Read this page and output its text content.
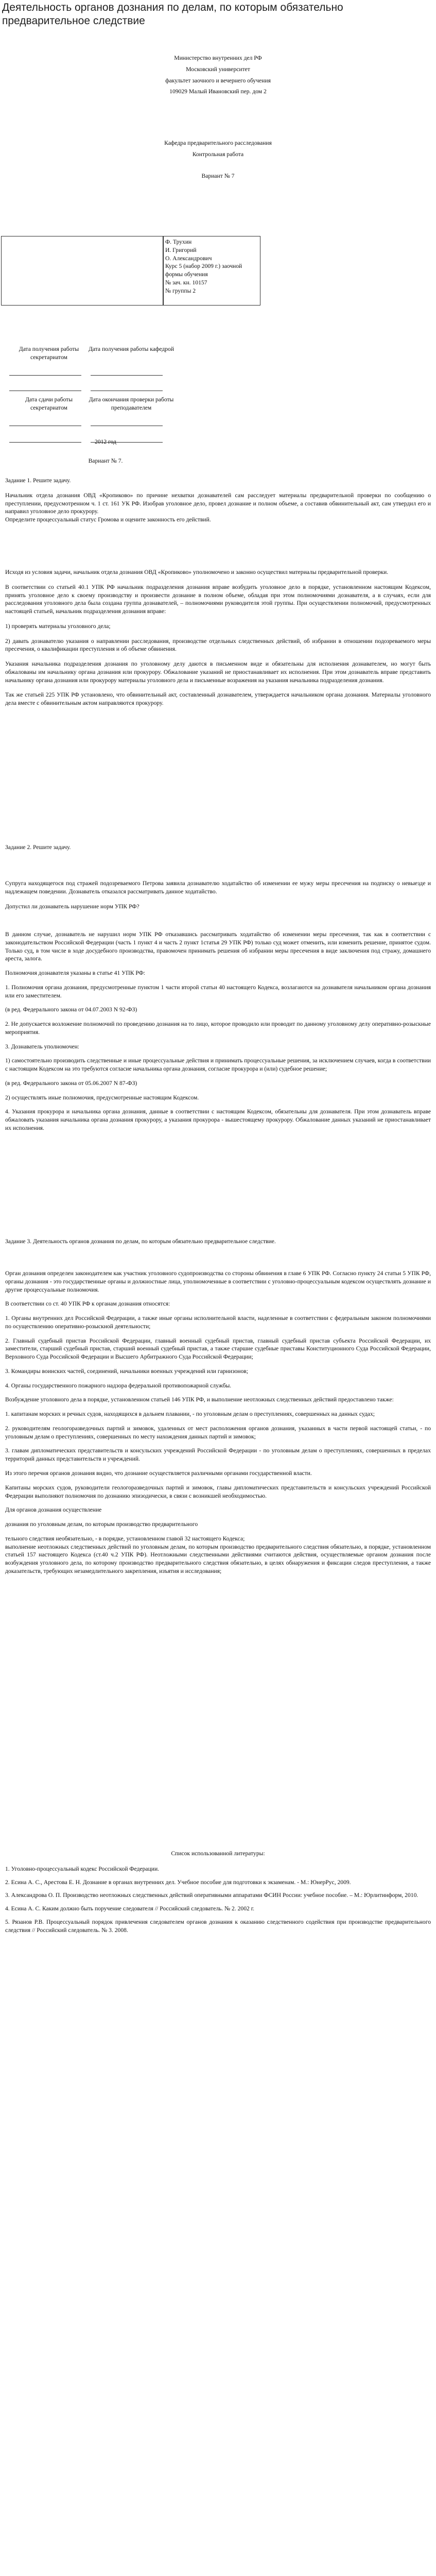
Деятельность органов дознания по делам, по которым обязательно предварительное следствие
Министерство внутренних дел РФ
Московский университет
факультет заочного и вечернего обучения
109029 Малый Ивановский пер. дом 2
Кафедра предварительного расследования
Контрольная работа
Вариант № 7
Ф. Трухин
И. Григорий
О. Александрович
Курс 5 (набор 2009 г.) заочной формы обучения
№ зач. кн. 10157
№ группы 2
Дата получения работы секретариатом
Дата получения работы кафедрой
Дата сдачи работы секретариатом
Дата окончания проверки работы преподавателем
2012 год
Вариант № 7.

Задание 1. Решите задачу.

Начальник отдела дознания ОВД «Кропиково» по причине нехватки дознавателей сам расследует материалы предварительной проверки по сообщению о преступлении, предусмотренном ч. 1 ст. 161 УК РФ. Изобрав уголовное дело, провел дознание и полном объеме, а составив обвинительный акт, сам утвердил его и направил уголовное дело прокурору.

Определите процессуальный статус Громова и оцените законность его действий.

Исходя из условия задачи, начальник отдела дознания ОВД «Кропиково» уполномочено и законно осуществил материалы предварительной проверки.

В соответствии со статьей 40.1 УПК РФ начальник подразделения дознания вправе возбудить уголовное дело в порядке, установленном настоящим Кодексом, принять уголовное дело к своему производству и произвести дознание в полном объеме, обладая при этом полномочиями дознавателя, а в случаях, если для расследования уголовного дела была создана группа дознавателей, – полномочиями руководителя этой группы. При осуществлении полномочий, предусмотренных настоящей статьей, начальник подразделения дознания вправе:

1) проверять материалы уголовного дела;

2) давать дознавателю указания о направлении расследования, производстве отдельных следственных действий, об избрании в отношении подозреваемого меры пресечения, о квалификации преступления и об объеме обвинения.

Указания начальника подразделения дознания по уголовному делу даются в письменном виде и обязательны для исполнения дознавателем, но могут быть обжалованы им начальнику органа дознания или прокурору. Обжалование указаний не приостанавливает их исполнения. При этом дознаватель вправе представить начальнику органа дознания или прокурору материалы уголовного дела и письменные возражения на указания начальника подразделения дознания.

Так же статьей 225 УПК РФ установлено, что обвинительный акт, составленный дознавателем, утверждается начальником органа дознания. Материалы уголовного дела вместе с обвинительным актом направляются прокурору.

Задание 2. Решите задачу.

Супруга находящегося под стражей подозреваемого Петрова заявила дознавателю ходатайство об изменении ее мужу меры пресечения на подписку о невыезде и надлежащем поведении. Дознаватель отказался рассматривать данное ходатайство.

Допустил ли дознаватель нарушение норм УПК РФ?

В данном случае, дознаватель не нарушил норм УПК РФ отказавшись рассматривать ходатайство об изменении меры пресечения, так как в соответствии с законодательством Российской Федерации (часть 1 пункт 4 и часть 2 пункт 1статья 29 УПК РФ) только суд может отменить, или изменить решение, принятое судом. Только суд, в том числе в ходе досудебного производства, правомочен принимать решения об избрании меры пресечения в виде заключения под стражу, домашнего ареста, залога.

Полномочия дознавателя указаны в статье 41 УПК РФ:

1. Полномочия органа дознания, предусмотренные пунктом 1 части второй статьи 40 настоящего Кодекса, возлагаются на дознавателя начальником органа дознания или его заместителем.

(в ред. Федерального закона от 04.07.2003 N 92-ФЗ)

2. Не допускается возложение полномочий по проведению дознания на то лицо, которое проводило или проводит по данному уголовному делу оперативно-розыскные мероприятия.

3. Дознаватель уполномочен:

1) самостоятельно производить следственные и иные процессуальные действия и принимать процессуальные решения, за исключением случаев, когда в соответствии с настоящим Кодексом на это требуются согласие начальника органа дознания, согласие прокурора и (или) судебное решение;

(в ред. Федерального закона от 05.06.2007 N 87-ФЗ)

2) осуществлять иные полномочия, предусмотренные настоящим Кодексом.

4. Указания прокурора и начальника органа дознания, данные в соответствии с настоящим Кодексом, обязательны для дознавателя. При этом дознаватель вправе обжаловать указания начальника органа дознания прокурору, а указания прокурора - вышестоящему прокурору. Обжалование данных указаний не приостанавливает их исполнения.

Задание 3. Деятельность органов дознания по делам, по которым обязательно предварительное следствие.

Орган дознания определен законодателем как участник уголовного судопроизводства со стороны обвинения в главе 6 УПК РФ. Согласно пункту 24 статьи 5 УПК РФ, органы дознания - это государственные органы и должностные лица, уполномоченные в соответствии с уголовно-процессуальным кодексом осуществлять дознание и другие процессуальные полномочия.

В соответствии со ст. 40 УПК РФ к органам дознания относятся:

1. Органы внутренних дел Российской Федерации, а также иные органы исполнительной власти, наделенные в соответствии с федеральным законом полномочиями по осуществлению оперативно-розыскной деятельности;

2. Главный судебный пристав Российской Федерации, главный военный судебный пристав, главный судебный пристав субъекта Российской Федерации, их заместители, старший судебный пристав, старший военный судебный пристав, а также старшие судебные приставы Конституционного Суда Российской Федерации, Верховного Суда Российской Федерации и Высшего Арбитражного Суда Российской Федерации;

3. Командиры воинских частей, соединений, начальники военных учреждений или гарнизонов;

4. Органы государственного пожарного надзора федеральной противопожарной службы.

Возбуждение уголовного дела в порядке, установленном статьей 146 УПК РФ, и выполнение неотложных следственных действий предоставлено также:

1. капитанам морских и речных судов, находящихся в дальнем плавании, - по уголовным делам о преступлениях, совершенных на данных судах;

2. руководителям геологоразведочных партий и зимовок, удаленных от мест расположения органов дознания, указанных в части первой настоящей статьи, - по уголовным делам о преступлениях, совершенных по месту нахождения данных партий и зимовок;

3. главам дипломатических представительств и консульских учреждений Российской Федерации - по уголовным делам о преступлениях, совершенных в пределах территорий данных представительств и учреждений.

Из этого перечня органов дознания видно, что дознание осуществляется различными органами государственной власти.

Капитаны морских судов, руководители геологоразведочных партий и зимовок, главы дипломатических представительств и консульских учреждений Российской Федерации выполняют полномочия по дознанию эпизодически, в связи с возникшей необходимостью.

Для органов дознания осуществление

дознания по уголовным делам, по которым производство предварительного

тельного следствия необязательно, - в порядке, установленном главой 32 настоящего Кодекса;

выполнение неотложных следственных действий по уголовным делам, по которым производство предварительного следствия обязательно, в порядке, установленном статьей 157 настоящего Кодекса (ст.40 ч.2 УПК РФ). Неотложными следственными действиями считаются действия, осуществляемые органом дознания после возбуждения уголовного дела, по которому производство предварительного следствия обязательно, в целях обнаружения и фиксации следов преступления, а также доказательств, требующих незамедлительного закрепления, изъятия и исследования;

Список использованной литературы:

1. Уголовно-процессуальный кодекс Российской Федерации.

2. Есина А. С., Арестова Е. Н. Дознание в органах внутренних дел. Учебное пособие для подготовки к экзаменам. - М.: ЮнерРус, 2009.

3. Александрова О. П. Производство неотложных следственных действий оперативными аппаратами ФСИН России: учебное пособие. – М.: Юрлитинформ, 2010.

4. Есина А. С. Каким должно быть поручение следователя // Российский следователь. № 2. 2002 г.

5. Рязанов Р.В. Процессуальный порядок привлечения следователем органов дознания к оказанию следственного содействия при производстве предварительного следствия // Российский следователь. № 3. 2008.
